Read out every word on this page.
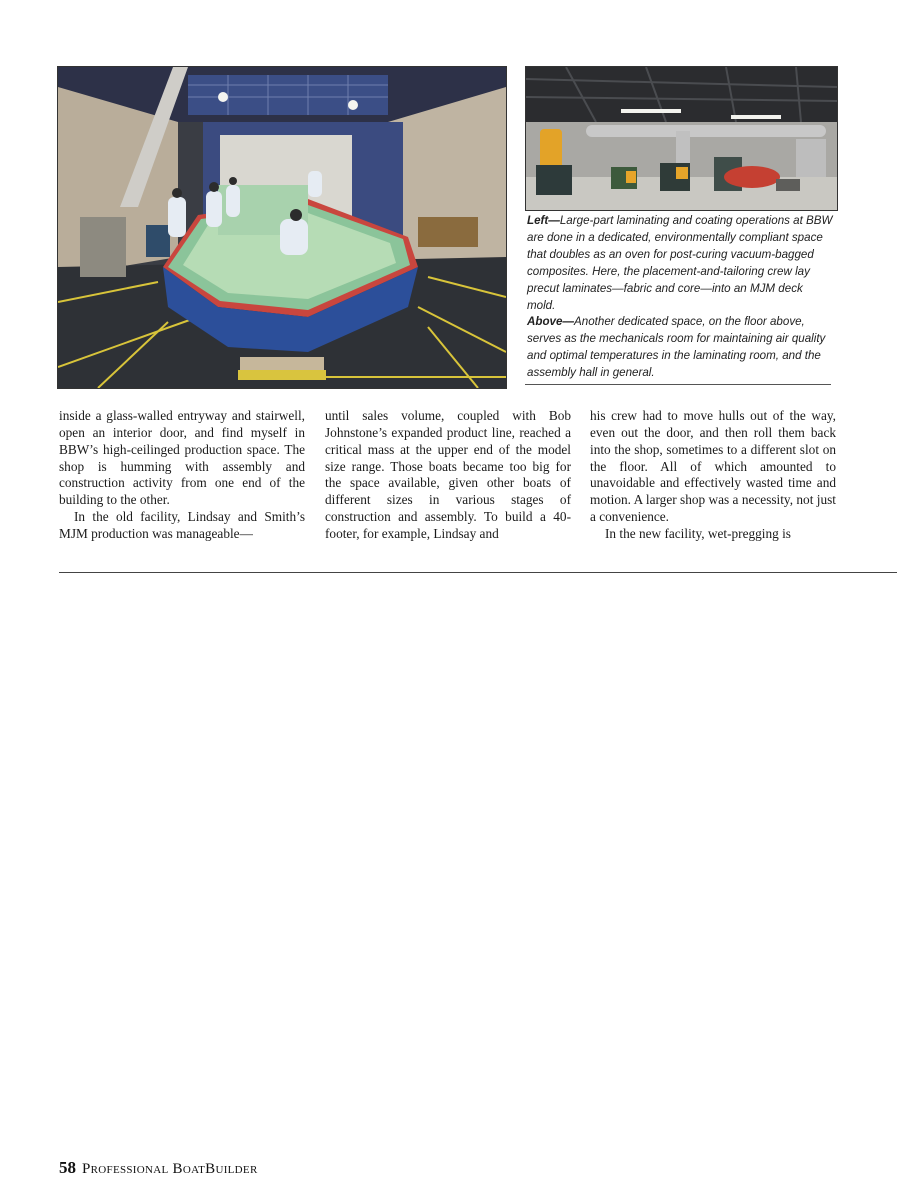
Left—Large-part laminating and coating operations at BBW are done in a dedicated, environmentally compliant space that doubles as an oven for post-curing vacuum-bagged composites. Here, the placement-and-tailoring crew lay precut laminates—fabric and core—into an MJM deck mold.
Above—Another dedicated space, on the floor above, serves as the mechanicals room for maintaining air quality and optimal temperatures in the laminating room, and the assembly hall in general.

inside a glass-walled entryway and stairwell, open an interior door, and find myself in BBW’s high-ceilinged production space. The shop is humming with assembly and construction activity from one end of the building to the other.

In the old facility, Lindsay and Smith’s MJM production was manageable—

until sales volume, coupled with Bob Johnstone’s expanded product line, reached a critical mass at the upper end of the model size range. Those boats became too big for the space available, given other boats of different sizes in various stages of construction and assembly. To build a 40-footer, for example, Lindsay and

his crew had to move hulls out of the way, even out the door, and then roll them back into the shop, sometimes to a different slot on the floor. All of which amounted to unavoidable and effectively wasted time and motion. A larger shop was a necessity, not just a convenience.

In the new facility, wet-pregging is

58 Professional BoatBuilder
